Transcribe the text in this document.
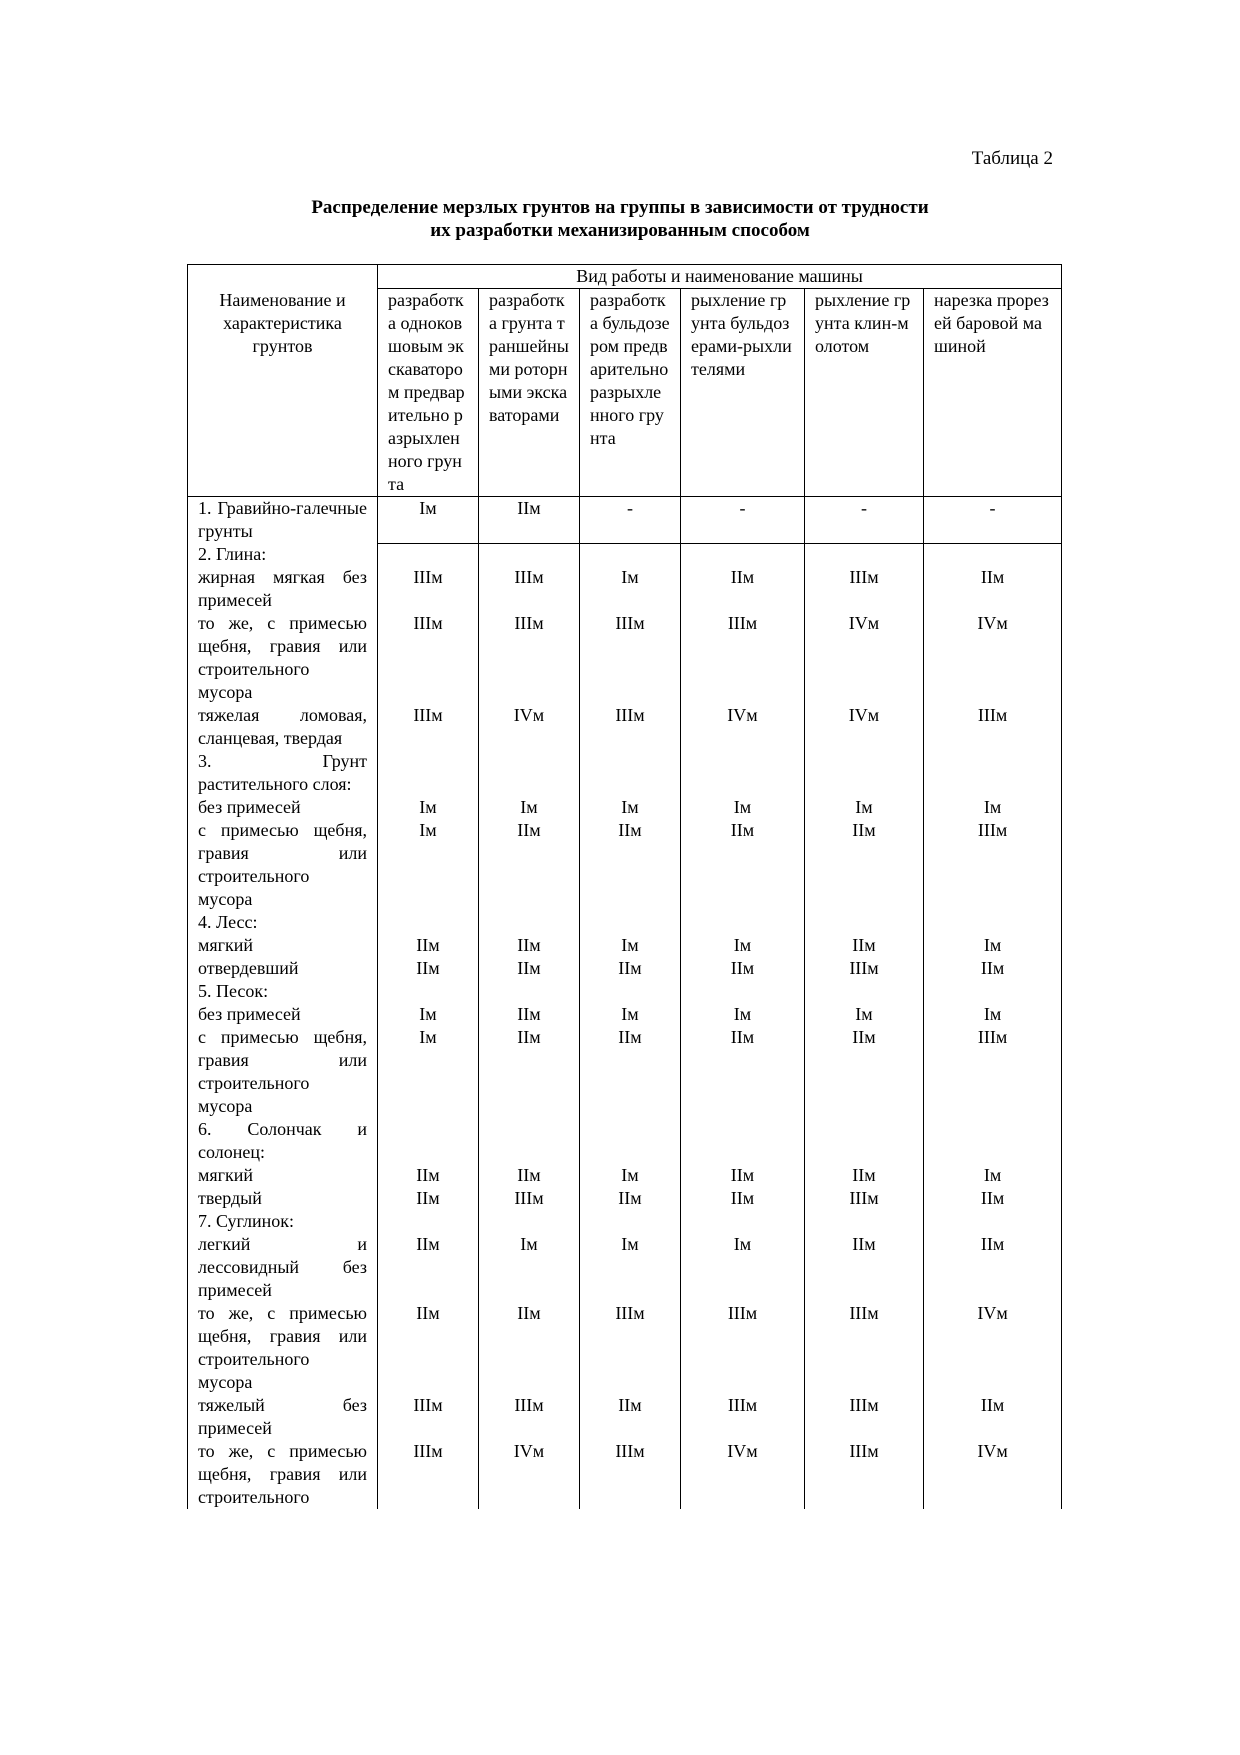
Таблица 2
Распределение мерзлых грунтов на группы в зависимости от трудности
их разработки механизированным способом
Наименование и характеристика грунтов	Вид работы и наименование машины					
	разработка одноковшовым экскаватором предварительно разрыхленного грунта	разработка грунта траншейными роторными экскаваторами	разработка бульдозером предварительно разрыхленного грунта	рыхление грунта бульдозерами-рыхлителями	рыхление грунта клин-молотом	нарезка прорезей баровой машиной
1. Гравийно-галечные грунты	Iм	IIм	-	-	-	-
2. Глина:						
жирная мягкая без примесей	IIIм	IIIм	Iм	IIм	IIIм	IIм
то же, с примесью щебня, гравия или строительного мусора	IIIм	IIIм	IIIм	IIIм	IVм	IVм
тяжелая ломовая, сланцевая, твердая	IIIм	IVм	IIIм	IVм	IVм	IIIм
3. Грунт растительного слоя:						
без примесей	Iм	Iм	Iм	Iм	Iм	Iм
с примесью щебня, гравия или строительного мусора	Iм	IIм	IIм	IIм	IIм	IIIм
4. Лесс:						
мягкий	IIм	IIм	Iм	Iм	IIм	Iм
отвердевший	IIм	IIм	IIм	IIм	IIIм	IIм
5. Песок:						
без примесей	Iм	IIм	Iм	Iм	Iм	Iм
с примесью щебня, гравия или строительного мусора	Iм	IIм	IIм	IIм	IIм	IIIм
6. Солончак и солонец:						
мягкий	IIм	IIм	Iм	IIм	IIм	Iм
твердый	IIм	IIIм	IIм	IIм	IIIм	IIм
7. Суглинок:						
легкий и лессовидный без примесей	IIм	Iм	Iм	Iм	IIм	IIм
то же, с примесью щебня, гравия или строительного мусора	IIм	IIм	IIIм	IIIм	IIIм	IVм
тяжелый без примесей	IIIм	IIIм	IIм	IIIм	IIIм	IIм
то же, с примесью щебня, гравия или строительного	IIIм	IVм	IIIм	IVм	IIIм	IVм
